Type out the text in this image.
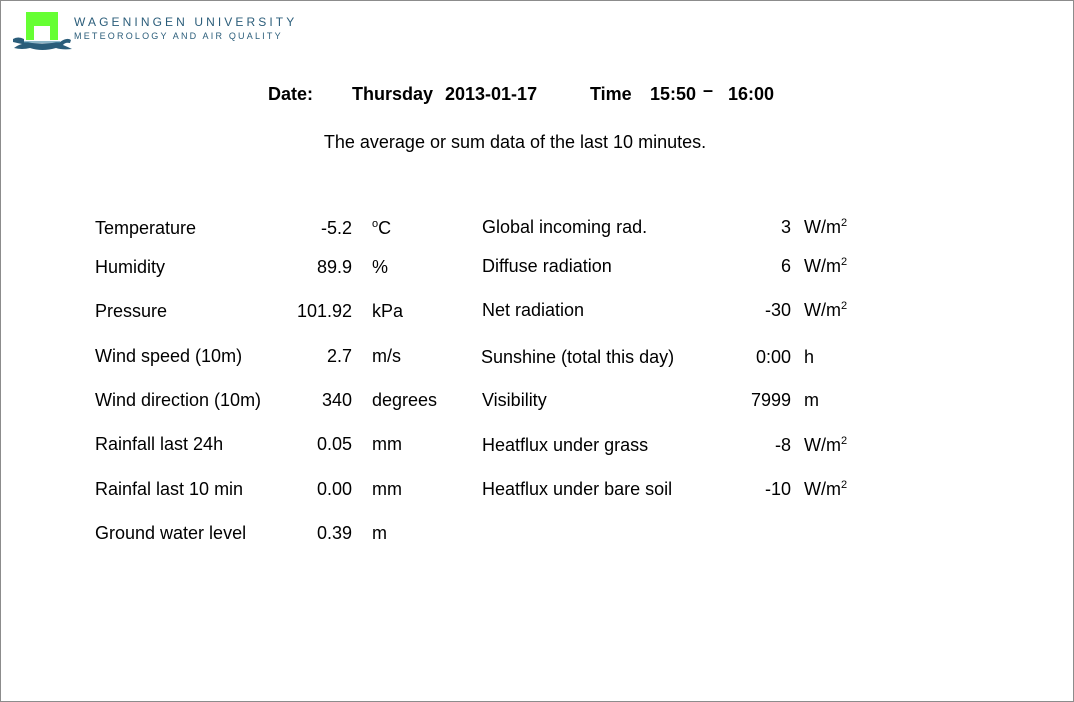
WAGENINGEN UNIVERSITY
METEOROLOGY AND AIR QUALITY
Date: Thursday 2013-01-17	Time 15:50 – 16:00
The average or sum data of the last 10 minutes.
Temperature	-5.2 $^o$C
Humidity	89.9 %
Pressure	101.92 kPa
Wind speed (10m)	2.7 m/s
Wind direction (10m)	340 degrees
Rainfall last 24h	0.05 mm
Rainfal last 10 min	0.00 mm
Ground water level	0.39 m
Global incoming rad.	3 $W/m^2$
Diffuse radiation	6 $W/m^2$
Net radiation	-30 $W/m^2$
Sunshine (total this day)	0:00 h
Visibility	7999 m
Heatflux under grass	-8 $W/m^2$
Heatflux under bare soil	-10 $W/m^2$
